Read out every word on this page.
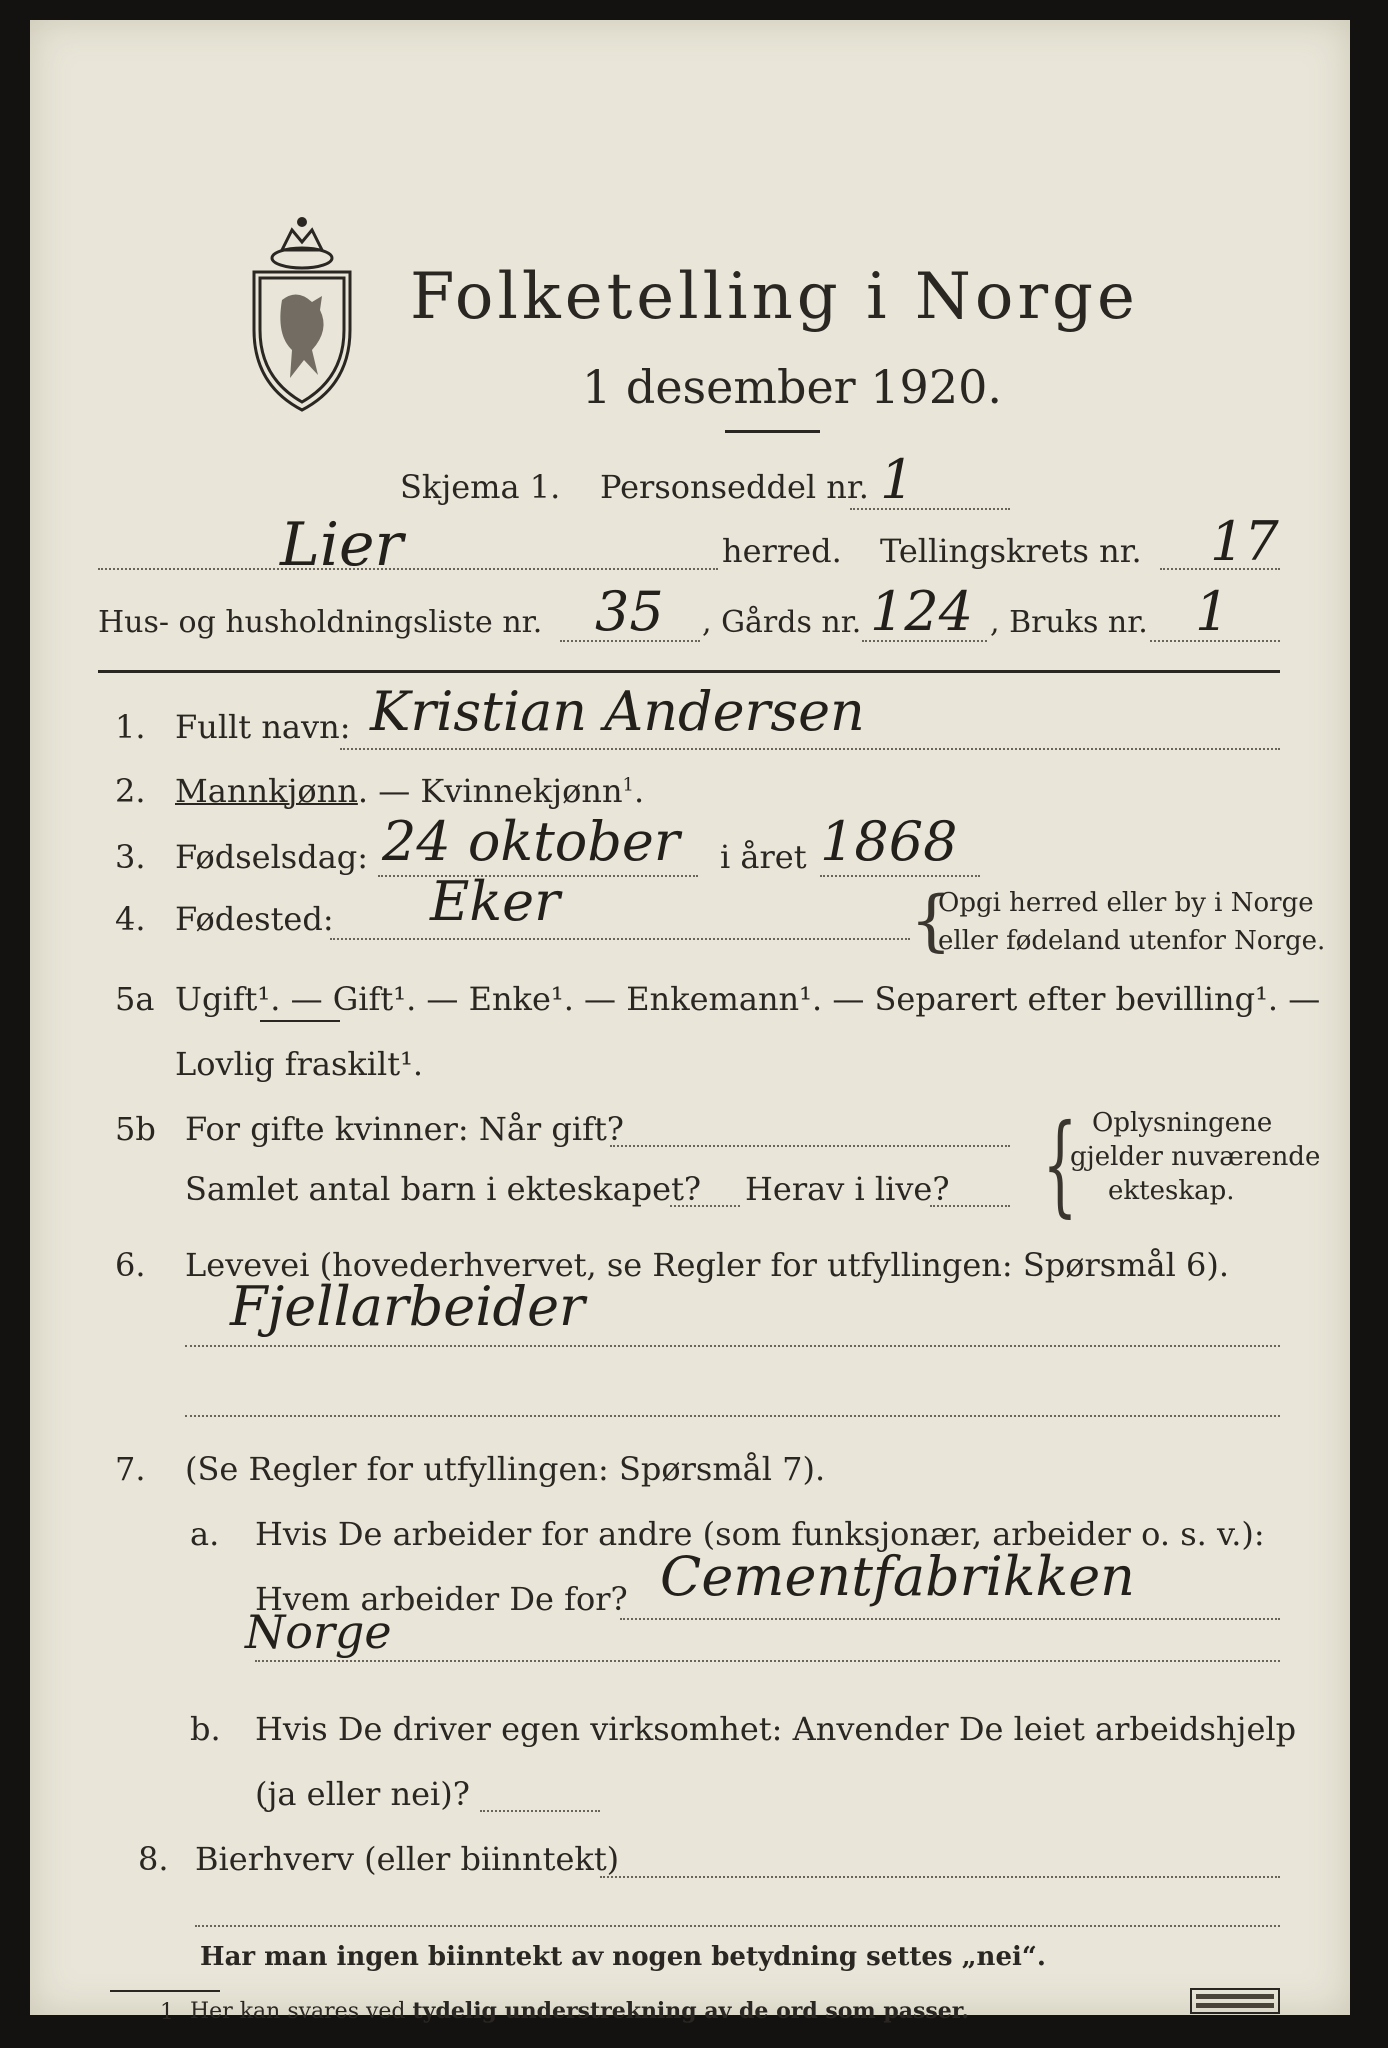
Folketelling i Norge
1 desember 1920.
Skjema 1. Personseddel nr. 1
Lier	herred. Tellingskrets nr. 17
Hus- og husholdningsliste nr. 35 , Gårds nr. 124 , Bruks nr. 1
1. Fullt navn: Kristian Andersen
2. Mannkjønn. — Kvinnekjønn$^1$.
3. Fødselsdag: 24 oktober i året 1868
4. Fødested: Eker	{
Opgi herred eller by i Norge
eller fødeland utenfor Norge.
5a Ugift¹. — Gift¹. — Enke¹. — Enkemann¹. — Separert efter bevilling¹. —
Lovlig fraskilt¹.
5b For gifte kvinner: Når gift?
Samlet antal barn i ekteskapet? Herav i live? { Oplysningene
gjelder nuværende
ekteskap.
6. Levevei (hovederhvervet, se Regler for utfyllingen: Spørsmål 6).
Fjellarbeider
7. (Se Regler for utfyllingen: Spørsmål 7).
a. Hvis De arbeider for andre (som funksjonær, arbeider o. s. v.):
Hvem arbeider De for? Cementfabrikken
Norge
b. Hvis De driver egen virksomhet: Anvender De leiet arbeidshjelp
(ja eller nei)?
8. Bierhverv (eller biinntekt)
Har man ingen biinntekt av nogen betydning settes „nei“.
1 Her kan svares ved tydelig understrekning av de ord som passer.
